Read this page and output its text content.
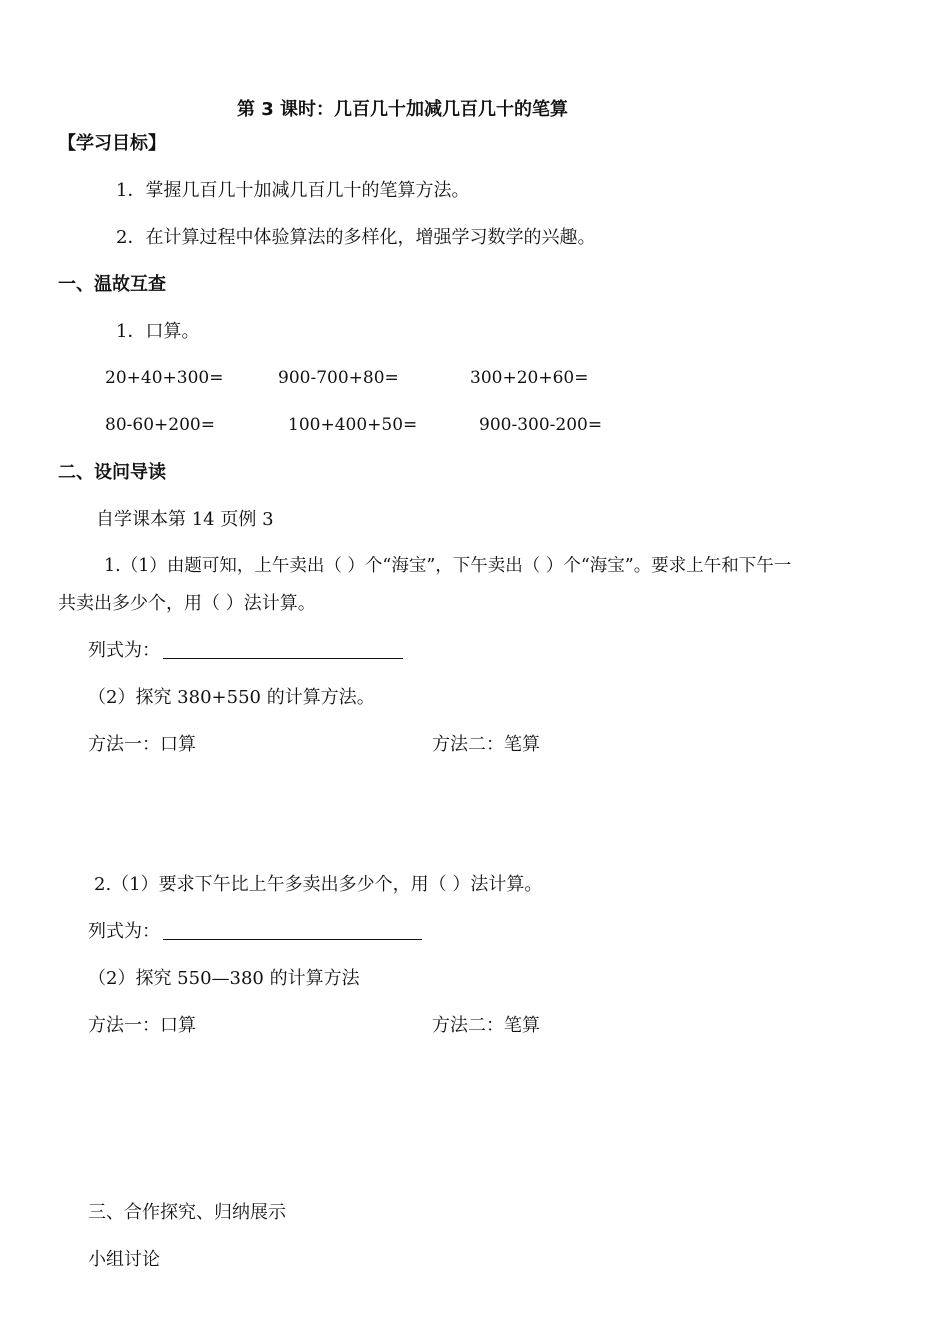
第 3 课时：几百几十加减几百几十的笔算
【学习目标】
1．掌握几百几十加减几百几十的笔算方法。
2．在计算过程中体验算法的多样化，增强学习数学的兴趣。
一、温故互查
1．口算。
20+40+300=	900-700+80=	300+20+60=
80-60+200=	100+400+50=	900-300-200=
二、设问导读
自学课本第 14 页例 3
1.（1）由题可知，上午卖出（ ）个“海宝”，下午卖出（ ）个“海宝”。要求上午和下午一
共卖出多少个，用（ ）法计算。
列式为：
（2）探究 380+550 的计算方法。
方法一：口算	方法二：笔算
2.（1）要求下午比上午多卖出多少个，用（ ）法计算。
列式为：
（2）探究 550—380 的计算方法
方法一：口算	方法二：笔算
三、合作探究、归纳展示
小组讨论
